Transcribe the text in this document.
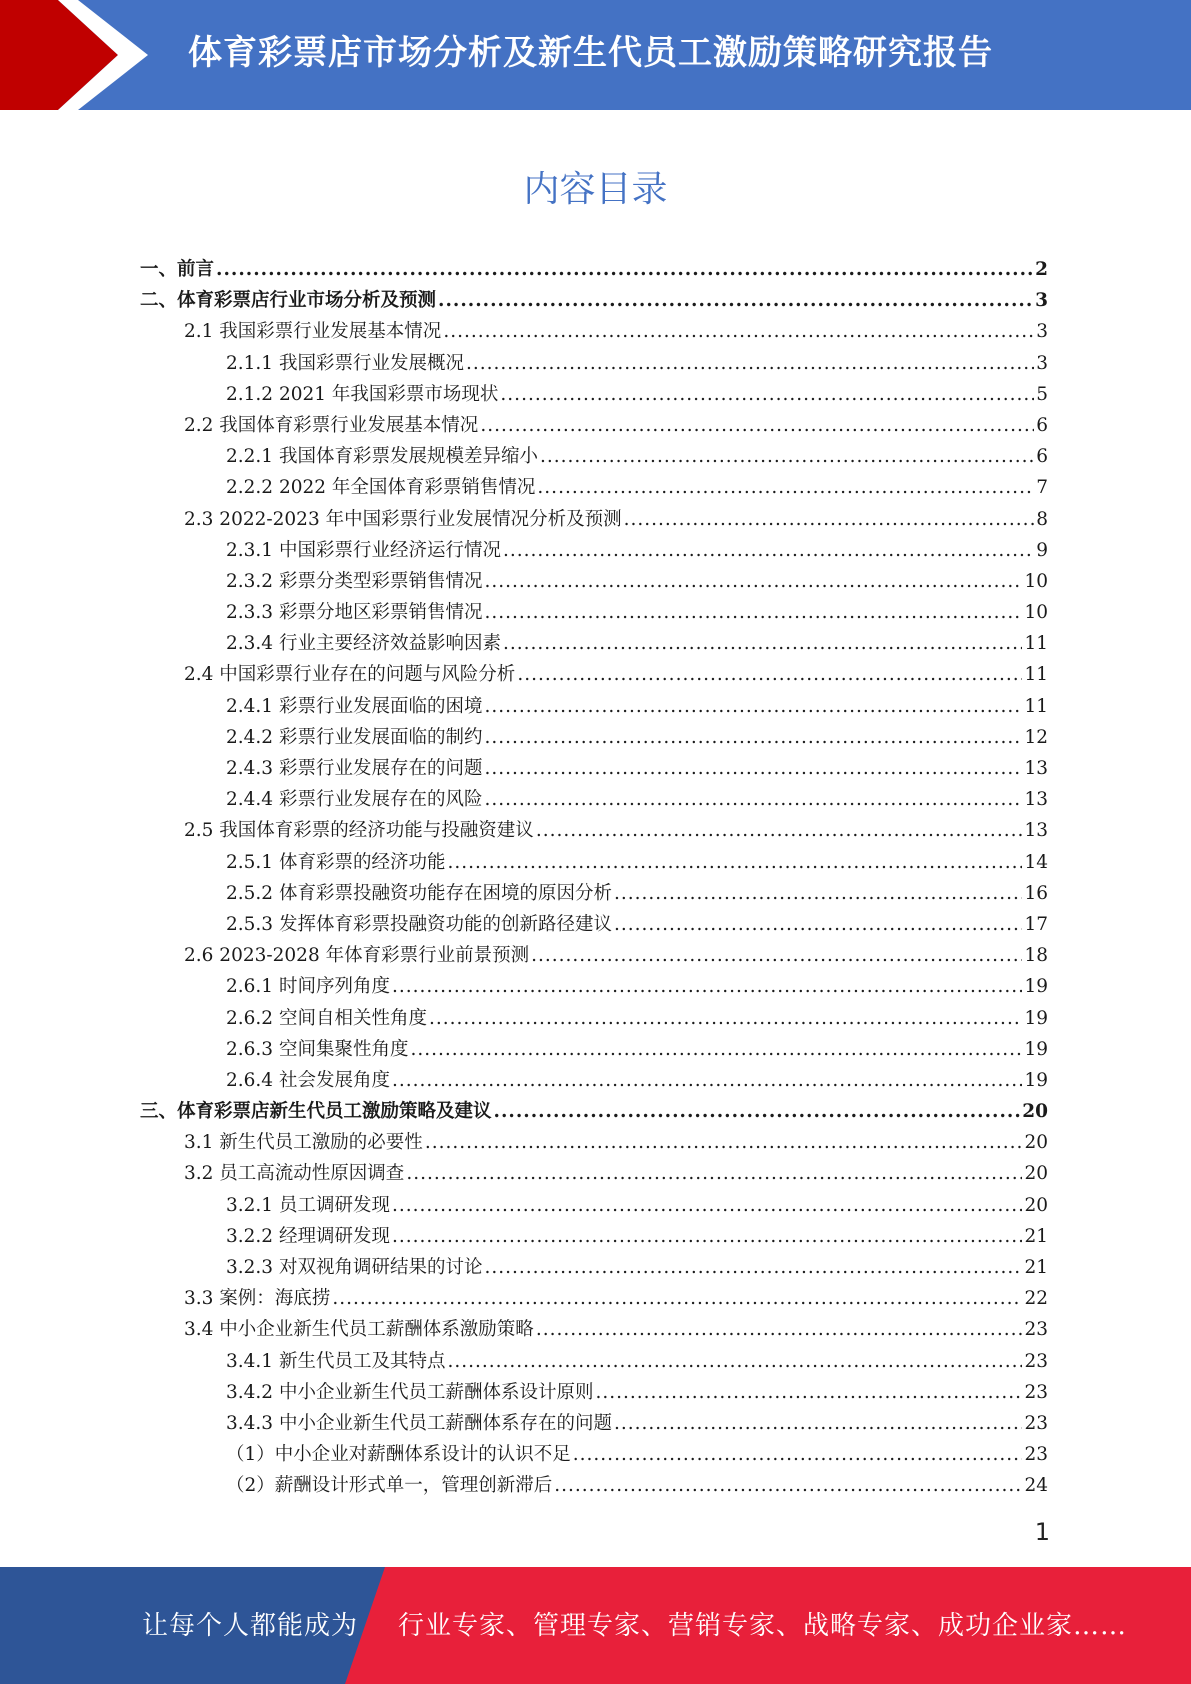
体育彩票店市场分析及新生代员工激励策略研究报告
内容目录
一、前言 .....	2
二、体育彩票店行业市场分析及预测 .....	3
2.1 我国彩票行业发展基本情况 .....	3
2.1.1 我国彩票行业发展概况 .....	3
2.1.2 2021 年我国彩票市场现状 .....	5
2.2 我国体育彩票行业发展基本情况 .....	6
2.2.1 我国体育彩票发展规模差异缩小 .....	6
2.2.2 2022 年全国体育彩票销售情况 .....	7
2.3 2022-2023 年中国彩票行业发展情况分析及预测 .....	8
2.3.1 中国彩票行业经济运行情况 .....	9
2.3.2 彩票分类型彩票销售情况 .....	10
2.3.3 彩票分地区彩票销售情况 .....	10
2.3.4 行业主要经济效益影响因素 .....	11
2.4 中国彩票行业存在的问题与风险分析 .....	11
2.4.1 彩票行业发展面临的困境 .....	11
2.4.2 彩票行业发展面临的制约 .....	12
2.4.3 彩票行业发展存在的问题 .....	13
2.4.4 彩票行业发展存在的风险 .....	13
2.5 我国体育彩票的经济功能与投融资建议 .....	13
2.5.1 体育彩票的经济功能 .....	14
2.5.2 体育彩票投融资功能存在困境的原因分析 .....	16
2.5.3 发挥体育彩票投融资功能的创新路径建议 .....	17
2.6 2023-2028 年体育彩票行业前景预测 .....	18
2.6.1 时间序列角度 .....	19
2.6.2 空间自相关性角度 .....	19
2.6.3 空间集聚性角度 .....	19
2.6.4 社会发展角度 .....	19
三、体育彩票店新生代员工激励策略及建议 .....	20
3.1 新生代员工激励的必要性 .....	20
3.2 员工高流动性原因调查 .....	20
3.2.1 员工调研发现 .....	20
3.2.2 经理调研发现 .....	21
3.2.3 对双视角调研结果的讨论 .....	21
3.3 案例：海底捞 .....	22
3.4 中小企业新生代员工薪酬体系激励策略 .....	23
3.4.1 新生代员工及其特点 .....	23
3.4.2 中小企业新生代员工薪酬体系设计原则 .....	23
3.4.3 中小企业新生代员工薪酬体系存在的问题 .....	23
（1）中小企业对薪酬体系设计的认识不足 .....	23
（2）薪酬设计形式单一，管理创新滞后 .....	24
1
让每个人都能成为 行业专家、管理专家、营销专家、战略专家、成功企业家……
